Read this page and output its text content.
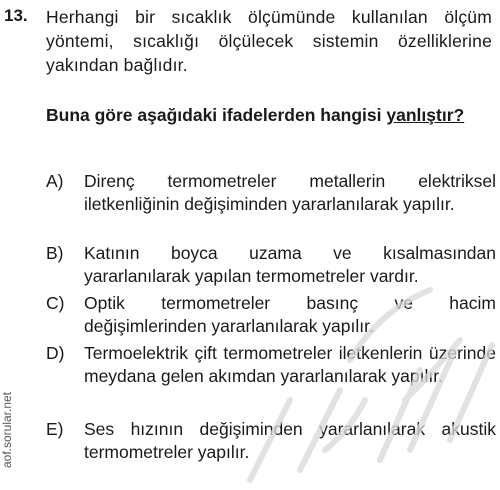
13. Herhangi bir sıcaklık ölçümünde kullanılan ölçüm yöntemi, sıcaklığı ölçülecek sistemin özelliklerine yakından bağlıdır.
Buna göre aşağıdaki ifadelerden hangisi yanlıştır?
A)	Direnç termometreler metallerin elektriksel iletkenliğinin değişiminden yararlanılarak yapılır.
B)	Katının boyca uzama ve kısalmasından yararlanılarak yapılan termometreler vardır.
C)	Optik termometreler basınç ve hacim değişimlerinden yararlanılarak yapılır.
D)	Termoelektrik çift termometreler iletkenlerin üzerinde meydana gelen akımdan yararlanılarak yapılır.
E)	Ses hızının değişiminden yararlanılarak akustik termometreler yapılır.
aof.sorular.net
